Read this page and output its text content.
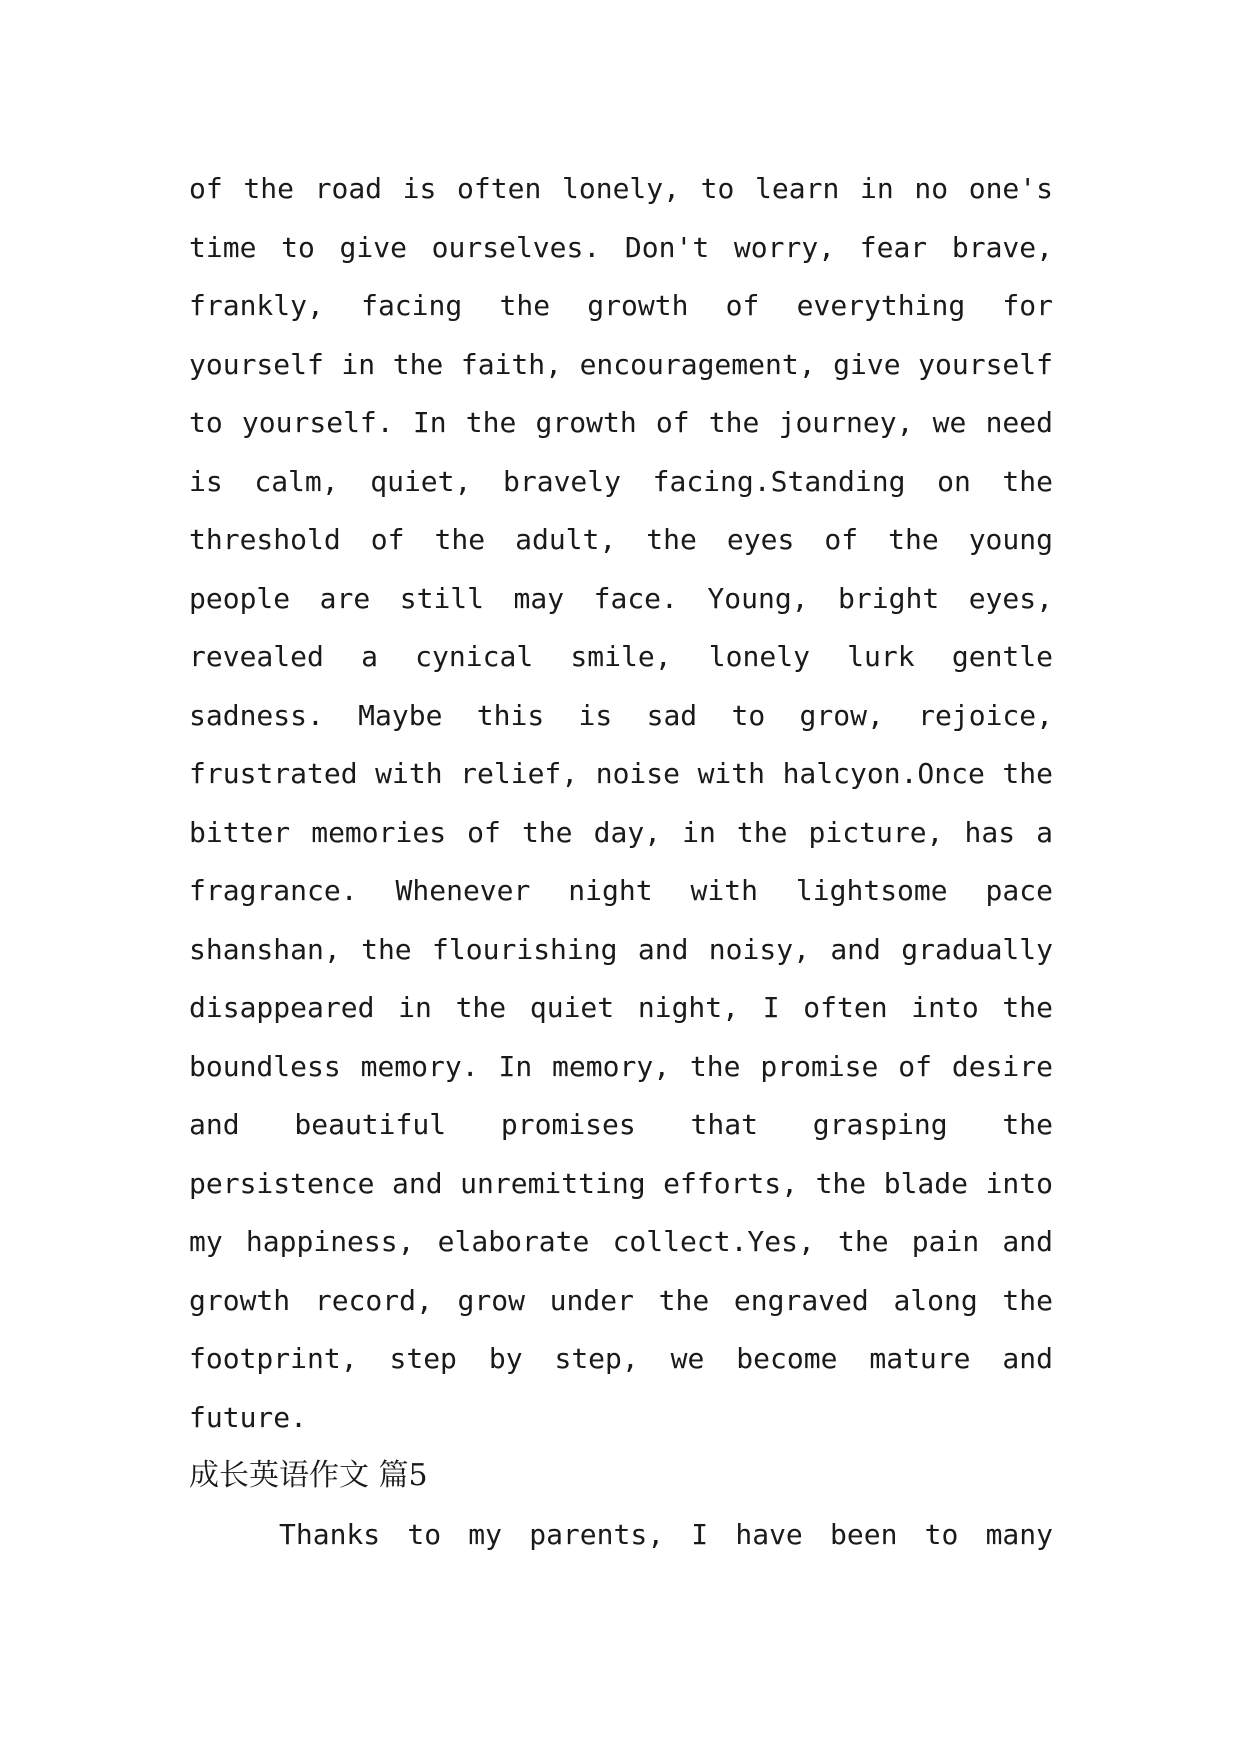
of the road is often lonely, to learn in no one's
time to give ourselves. Don't worry, fear brave,
frankly, facing the growth of everything for
yourself in the faith, encouragement, give yourself
to yourself. In the growth of the journey, we need
is calm, quiet, bravely facing.Standing on the
threshold of the adult, the eyes of the young
people are still may face. Young, bright eyes,
revealed a cynical smile, lonely lurk gentle
sadness. Maybe this is sad to grow, rejoice,
frustrated with relief, noise with halcyon.Once the
bitter memories of the day, in the picture, has a
fragrance. Whenever night with lightsome pace
shanshan, the flourishing and noisy, and gradually
disappeared in the quiet night, I often into the
boundless memory. In memory, the promise of desire
and beautiful promises that grasping the
persistence and unremitting efforts, the blade into
my happiness, elaborate collect.Yes, the pain and
growth record, grow under the engraved along the
footprint, step by step, we become mature and
future.
成长英语作文 篇5
Thanks to my parents, I have been to many
